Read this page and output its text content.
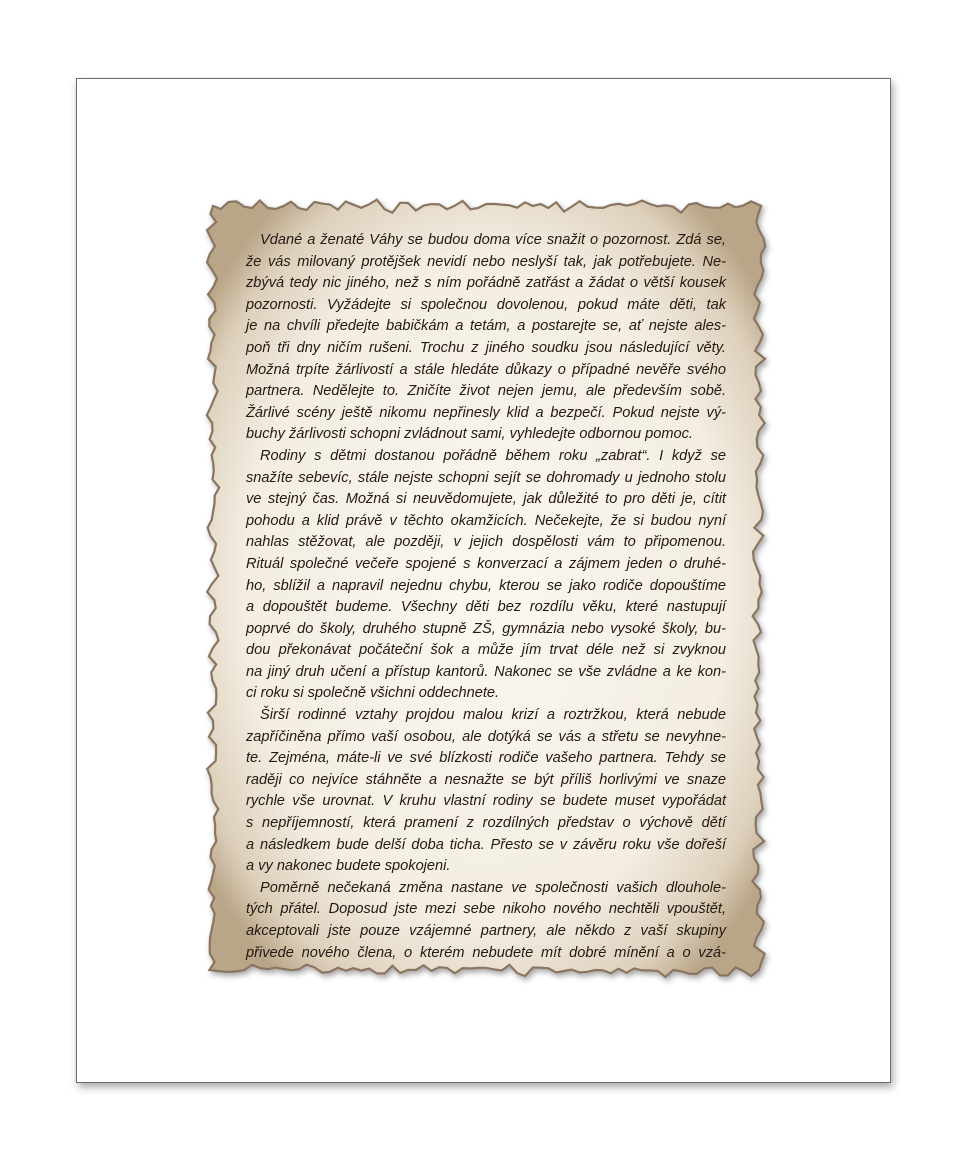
Vdané a ženaté Váhy se budou doma více snažit o pozornost. Zdá se,
že vás milovaný protějšek nevidí nebo neslyší tak, jak potřebujete. Ne-
zbývá tedy nic jiného, než s ním pořádně zatřást a žádat o větší kousek
pozornosti. Vyžádejte si společnou dovolenou, pokud máte děti, tak
je na chvíli předejte babičkám a tetám, a postarejte se, ať nejste ales-
poň tři dny ničím rušeni. Trochu z jiného soudku jsou následující věty.
Možná trpíte žárlivostí a stále hledáte důkazy o případné nevěře svého
partnera. Nedělejte to. Zničíte život nejen jemu, ale především sobě.
Žárlivé scény ještě nikomu nepřinesly klid a bezpečí. Pokud nejste vý-
buchy žárlivosti schopni zvládnout sami, vyhledejte odbornou pomoc.
Rodiny s dětmi dostanou pořádně během roku „zabrat“. I když se
snažíte sebevíc, stále nejste schopni sejít se dohromady u jednoho stolu
ve stejný čas. Možná si neuvědomujete, jak důležité to pro děti je, cítit
pohodu a klid právě v těchto okamžicích. Nečekejte, že si budou nyní
nahlas stěžovat, ale později, v jejich dospělosti vám to připomenou.
Rituál společné večeře spojené s konverzací a zájmem jeden o druhé-
ho, sblížil a napravil nejednu chybu, kterou se jako rodiče dopouštíme
a dopouštět budeme. Všechny děti bez rozdílu věku, které nastupují
poprvé do školy, druhého stupně ZŠ, gymnázia nebo vysoké školy, bu-
dou překonávat počáteční šok a může jím trvat déle než si zvyknou
na jiný druh učení a přístup kantorů. Nakonec se vše zvládne a ke kon-
ci roku si společně všichni oddechnete.
Širší rodinné vztahy projdou malou krizí a roztržkou, která nebude
zapříčiněna přímo vaší osobou, ale dotýká se vás a střetu se nevyhne-
te. Zejména, máte-li ve své blízkosti rodiče vašeho partnera. Tehdy se
raději co nejvíce stáhněte a nesnažte se být příliš horlivými ve snaze
rychle vše urovnat. V kruhu vlastní rodiny se budete muset vypořádat
s nepříjemností, která pramení z rozdílných představ o výchově dětí
a následkem bude delší doba ticha. Přesto se v závěru roku vše dořeší
a vy nakonec budete spokojeni.
Poměrně nečekaná změna nastane ve společnosti vašich dlouhole-
tých přátel. Doposud jste mezi sebe nikoho nového nechtěli vpouštět,
akceptovali jste pouze vzájemné partnery, ale někdo z vaší skupiny
přivede nového člena, o kterém nebudete mít dobré mínění a o vzá-
